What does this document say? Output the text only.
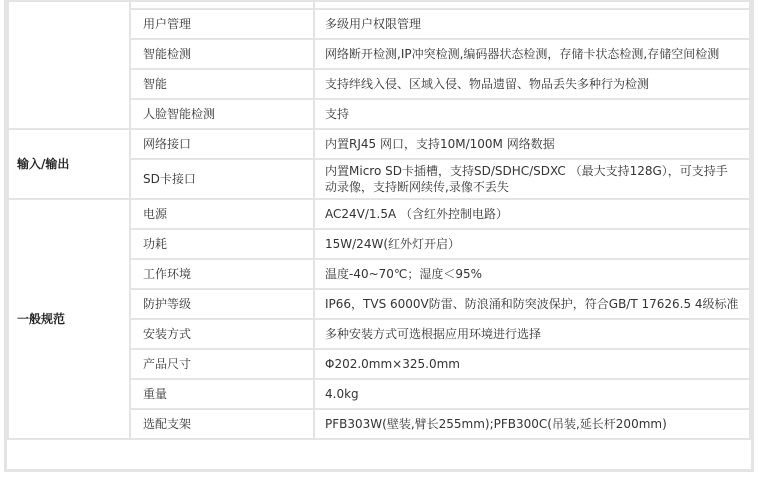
	用户管理	多级用户权限管理
	智能检测	网络断开检测,IP冲突检测,编码器状态检测，存储卡状态检测,存储空间检测
	智能	支持绊线入侵、区域入侵、物品遗留、物品丢失多种行为检测
	人脸智能检测	支持
输入/输出	网络接口	内置RJ45 网口，支持10M/100M 网络数据
	SD卡接口	内置Micro SD卡插槽，支持SD/SDHC/SDXC （最大支持128G），可支持手动录像，支持断网续传,录像不丢失
一般规范	电源	AC24V/1.5A （含红外控制电路）
	功耗	15W/24W(红外灯开启）
	工作环境	温度-40~70℃；湿度＜95%
	防护等级	IP66，TVS 6000V防雷、防浪涌和防突波保护，符合GB/T 17626.5 4级标准
	安装方式	多种安装方式可选根据应用环境进行选择
	产品尺寸	Φ202.0mm×325.0mm
	重量	4.0kg
	选配支架	PFB303W(壁装,臂长255mm);PFB300C(吊装,延长杆200mm)
